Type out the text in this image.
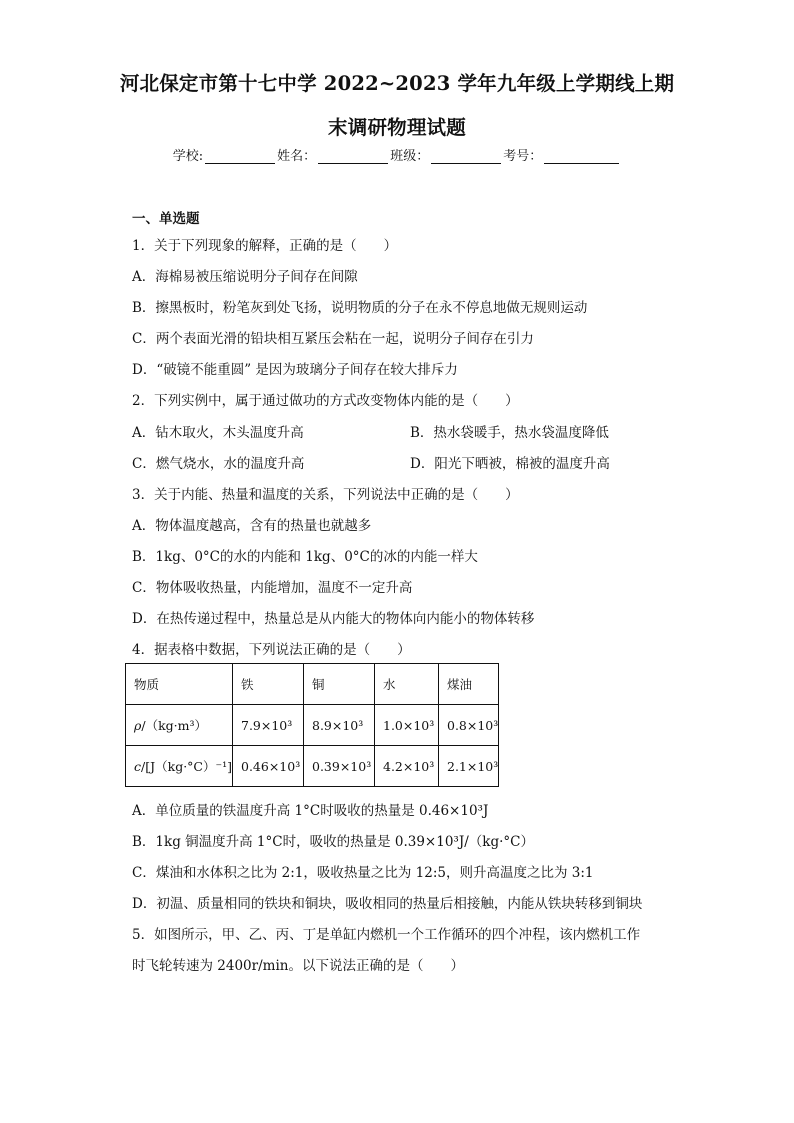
河北保定市第十七中学 2022~2023 学年九年级上学期线上期
末调研物理试题
学校:	姓名：	班级：	考号：
一、单选题
1．关于下列现象的解释，正确的是（　　）
A．海棉易被压缩说明分子间存在间隙
B．擦黑板时，粉笔灰到处飞扬，说明物质的分子在永不停息地做无规则运动
C．两个表面光滑的铅块相互紧压会粘在一起，说明分子间存在引力
D．“破镜不能重圆” 是因为玻璃分子间存在较大排斥力
2．下列实例中，属于通过做功的方式改变物体内能的是（　　）
A．钻木取火，木头温度升高	B．热水袋暖手，热水袋温度降低
C．燃气烧水，水的温度升高	D．阳光下晒被，棉被的温度升高
3．关于内能、热量和温度的关系，下列说法中正确的是（　　）
A．物体温度越高，含有的热量也就越多
B．1kg、0°C的水的内能和 1kg、0°C的冰的内能一样大
C．物体吸收热量，内能增加，温度不一定升高
D．在热传递过程中，热量总是从内能大的物体向内能小的物体转移
4．据表格中数据，下列说法正确的是（　　）
物质	铁	铜	水	煤油
ρ/（kg·m³）	7.9×10³	8.9×10³	1.0×10³	0.8×10³
c/[J（kg·°C）⁻¹]	0.46×10³	0.39×10³	4.2×10³	2.1×10³
A．单位质量的铁温度升高 1°C时吸收的热量是 0.46×10³J
B．1kg 铜温度升高 1°C时，吸收的热量是 0.39×10³J/（kg·°C）
C．煤油和水体积之比为 2:1，吸收热量之比为 12:5，则升高温度之比为 3:1
D．初温、质量相同的铁块和铜块，吸收相同的热量后相接触，内能从铁块转移到铜块
5．如图所示，甲、乙、丙、丁是单缸内燃机一个工作循环的四个冲程，该内燃机工作
时飞轮转速为 2400r/min。以下说法正确的是（　　）
